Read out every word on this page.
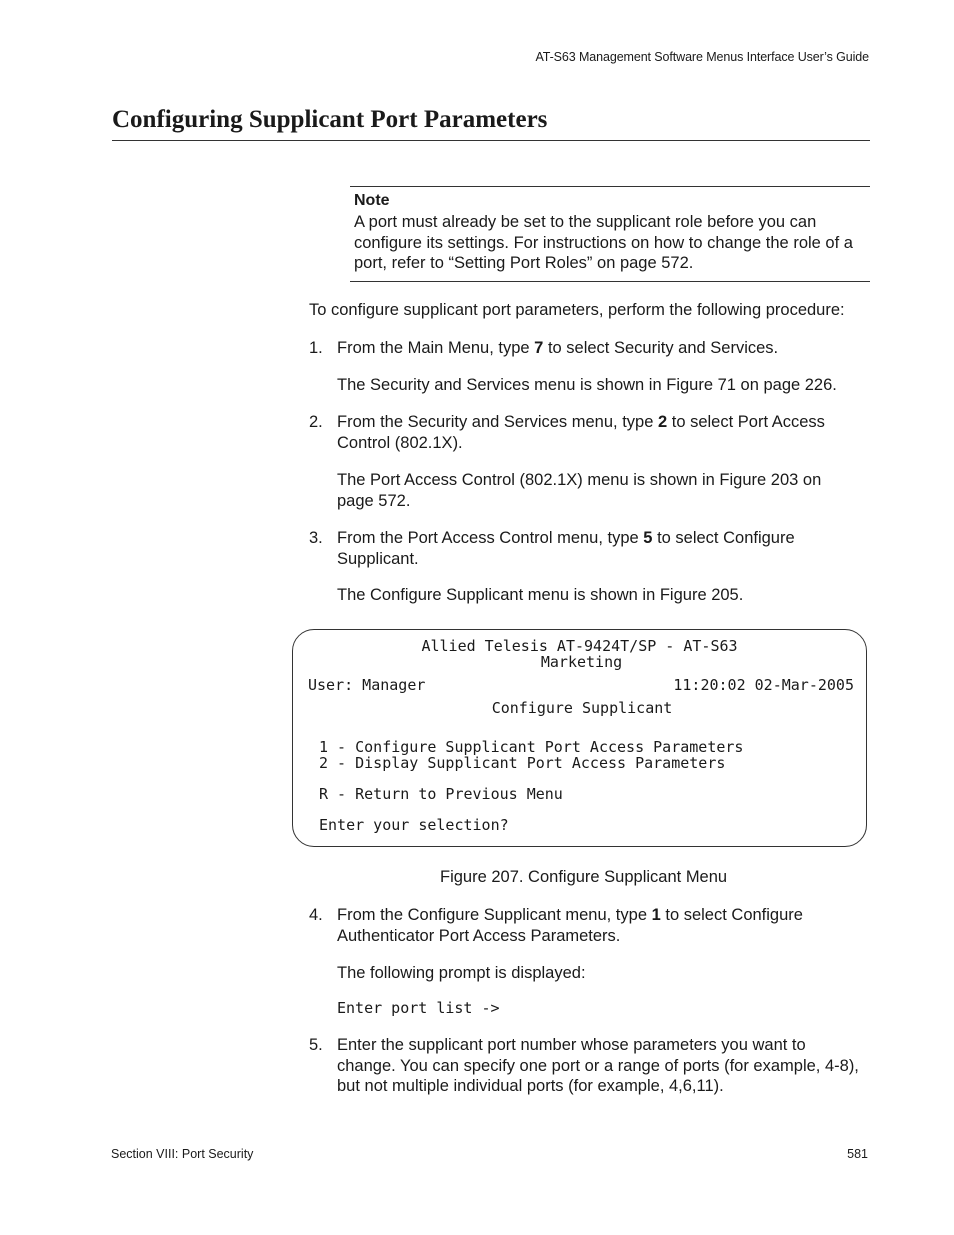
AT-S63 Management Software Menus Interface User’s Guide
Configuring Supplicant Port Parameters
Note
A port must already be set to the supplicant role before you can configure its settings. For instructions on how to change the role of a port, refer to “Setting Port Roles” on page 572.
To configure supplicant port parameters, perform the following procedure:
1. From the Main Menu, type 7 to select Security and Services.
The Security and Services menu is shown in Figure 71 on page 226.
2. From the Security and Services menu, type 2 to select Port Access Control (802.1X).
The Port Access Control (802.1X) menu is shown in Figure 203 on page 572.
3. From the Port Access Control menu, type 5 to select Configure Supplicant.
The Configure Supplicant menu is shown in Figure 205.
Allied Telesis AT-9424T/SP - AT-S63
Marketing
User: Manager	11:20:02 02-Mar-2005
Configure Supplicant
1 - Configure Supplicant Port Access Parameters
2 - Display Supplicant Port Access Parameters
R - Return to Previous Menu
Enter your selection?
Figure 207. Configure Supplicant Menu
4. From the Configure Supplicant menu, type 1 to select Configure Authenticator Port Access Parameters.
The following prompt is displayed:
Enter port list ->
5. Enter the supplicant port number whose parameters you want to change. You can specify one port or a range of ports (for example, 4-8), but not multiple individual ports (for example, 4,6,11).
Section VIII: Port Security	581
